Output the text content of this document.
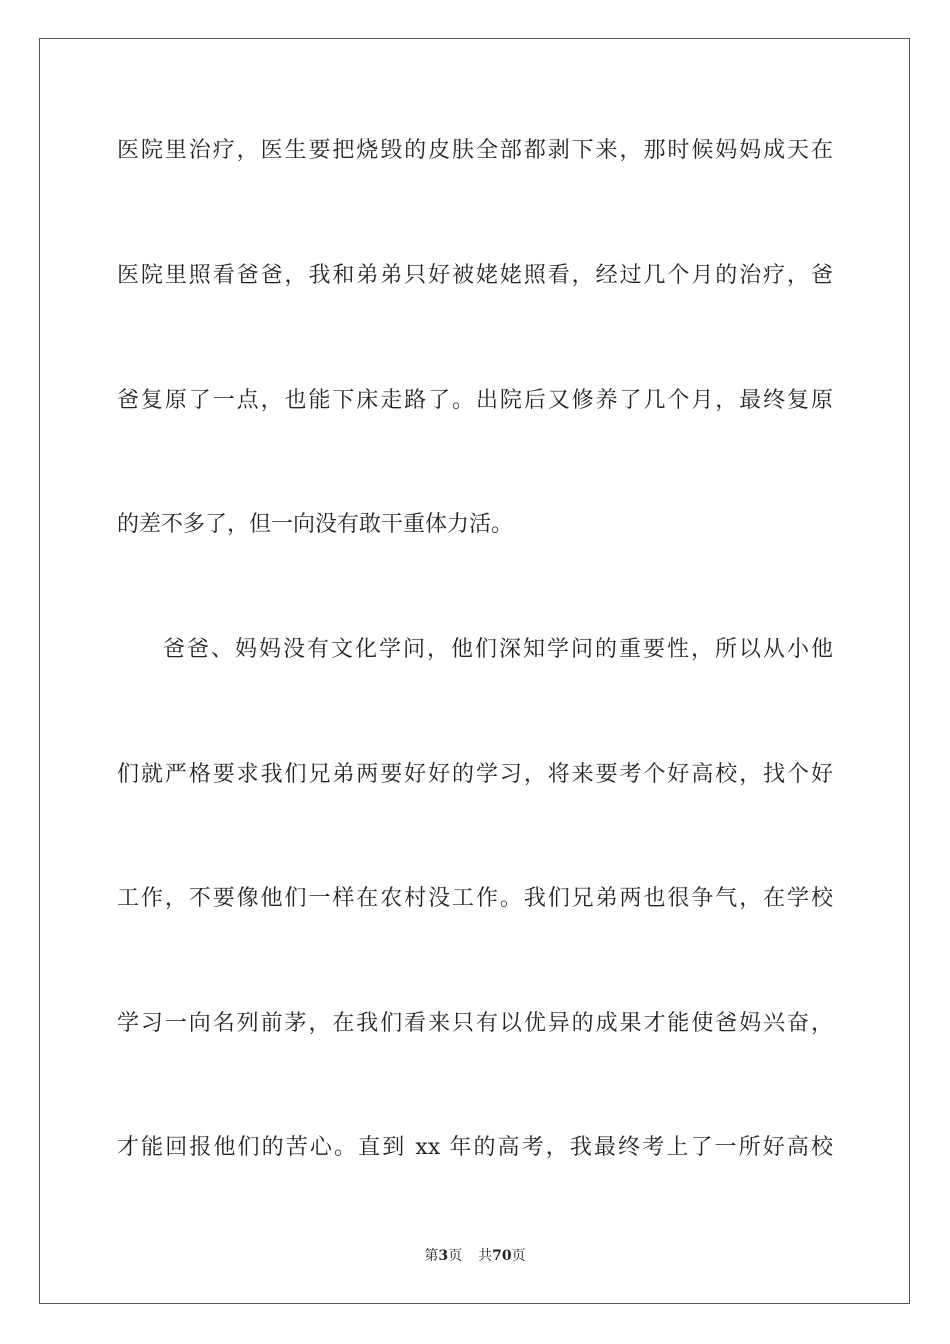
医院里治疗，医生要把烧毁的皮肤全部都剥下来，那时候妈妈成天在
医院里照看爸爸，我和弟弟只好被姥姥照看，经过几个月的治疗，爸
爸复原了一点，也能下床走路了。出院后又修养了几个月，最终复原
的差不多了，但一向没有敢干重体力活。
爸爸、妈妈没有文化学问，他们深知学问的重要性，所以从小他
们就严格要求我们兄弟两要好好的学习，将来要考个好高校，找个好
工作，不要像他们一样在农村没工作。我们兄弟两也很争气，在学校
学习一向名列前茅，在我们看来只有以优异的成果才能使爸妈兴奋，
才能回报他们的苦心。直到 xx 年的高考，我最终考上了一所好高校
第3页 共70页
